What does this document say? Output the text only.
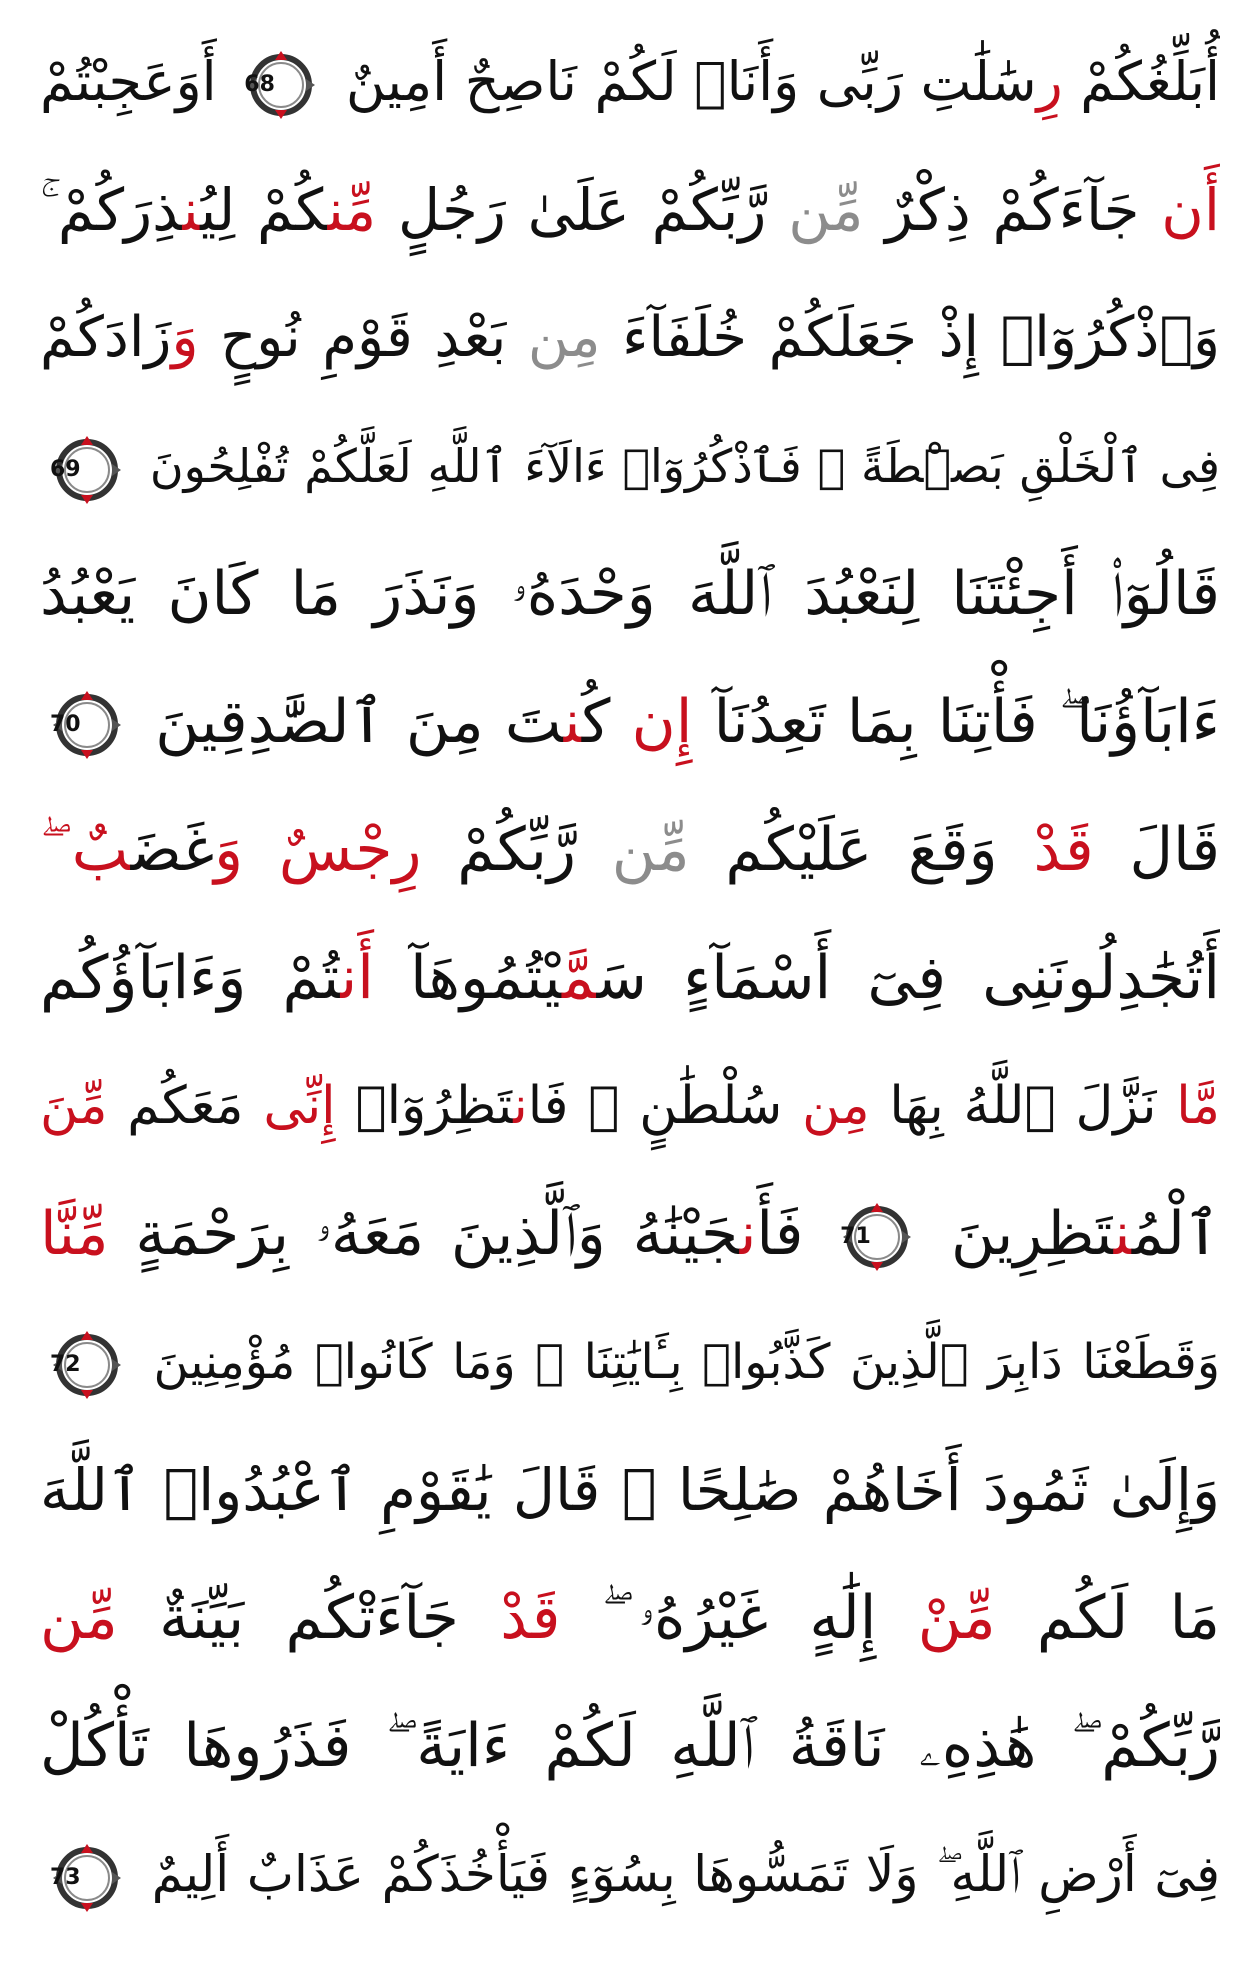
أُبَلِّغُكُمْ رِسَٰلَٰتِ رَبِّى وَأَنَا۠ لَكُمْ نَاصِحٌ أَمِينٌ
68
أَوَعَجِبْتُمْ
أَن جَآءَكُمْ ذِكْرٌ مِّن رَّبِّكُمْ عَلَىٰ رَجُلٍ مِّنكُمْ لِيُنذِرَكُمْ ۚ
وَٱذْكُرُوٓا۟ إِذْ جَعَلَكُمْ خُلَفَآءَ مِن بَعْدِ قَوْمِ نُوحٍ وَزَادَكُمْ
فِى ٱلْخَلْقِ بَصْۜطَةً ۖ فَٱذْكُرُوٓا۟ ءَالَآءَ ٱللَّهِ لَعَلَّكُمْ تُفْلِحُونَ
69
قَالُوٓا۟ أَجِئْتَنَا لِنَعْبُدَ ٱللَّهَ وَحْدَهُۥ وَنَذَرَ مَا كَانَ يَعْبُدُ
ءَابَآؤُنَا ۖ فَأْتِنَا بِمَا تَعِدُنَآ إِن كُنتَ مِنَ ٱلصَّٰدِقِينَ
70
قَالَ قَدْ وَقَعَ عَلَيْكُم مِّن رَّبِّكُمْ رِجْسٌ وَغَضَبٌ ۖ
أَتُجَٰدِلُونَنِى فِىٓ أَسْمَآءٍ سَمَّيْتُمُوهَآ أَنتُمْ وَءَابَآؤُكُم
مَّا نَزَّلَ ٱللَّهُ بِهَا مِن سُلْطَٰنٍ ۚ فَانتَظِرُوٓا۟ إِنِّى مَعَكُم مِّنَ
ٱلْمُنتَظِرِينَ
71
فَأَنجَيْنَٰهُ وَٱلَّذِينَ مَعَهُۥ بِرَحْمَةٍ مِّنَّا
وَقَطَعْنَا دَابِرَ ٱلَّذِينَ كَذَّبُوا۟ بِـَٔايَٰتِنَا ۖ وَمَا كَانُوا۟ مُؤْمِنِينَ
72
وَإِلَىٰ ثَمُودَ أَخَاهُمْ صَٰلِحًا ۗ قَالَ يَٰقَوْمِ ٱعْبُدُوا۟ ٱللَّهَ
مَا لَكُم مِّنْ إِلَٰهٍ غَيْرُهُۥ ۖ قَدْ جَآءَتْكُم بَيِّنَةٌ مِّن
رَّبِّكُمْ ۖ هَٰذِهِۦ نَاقَةُ ٱللَّهِ لَكُمْ ءَايَةً ۖ فَذَرُوهَا تَأْكُلْ
فِىٓ أَرْضِ ٱللَّهِ ۖ وَلَا تَمَسُّوهَا بِسُوٓءٍ فَيَأْخُذَكُمْ عَذَابٌ أَلِيمٌ
73
